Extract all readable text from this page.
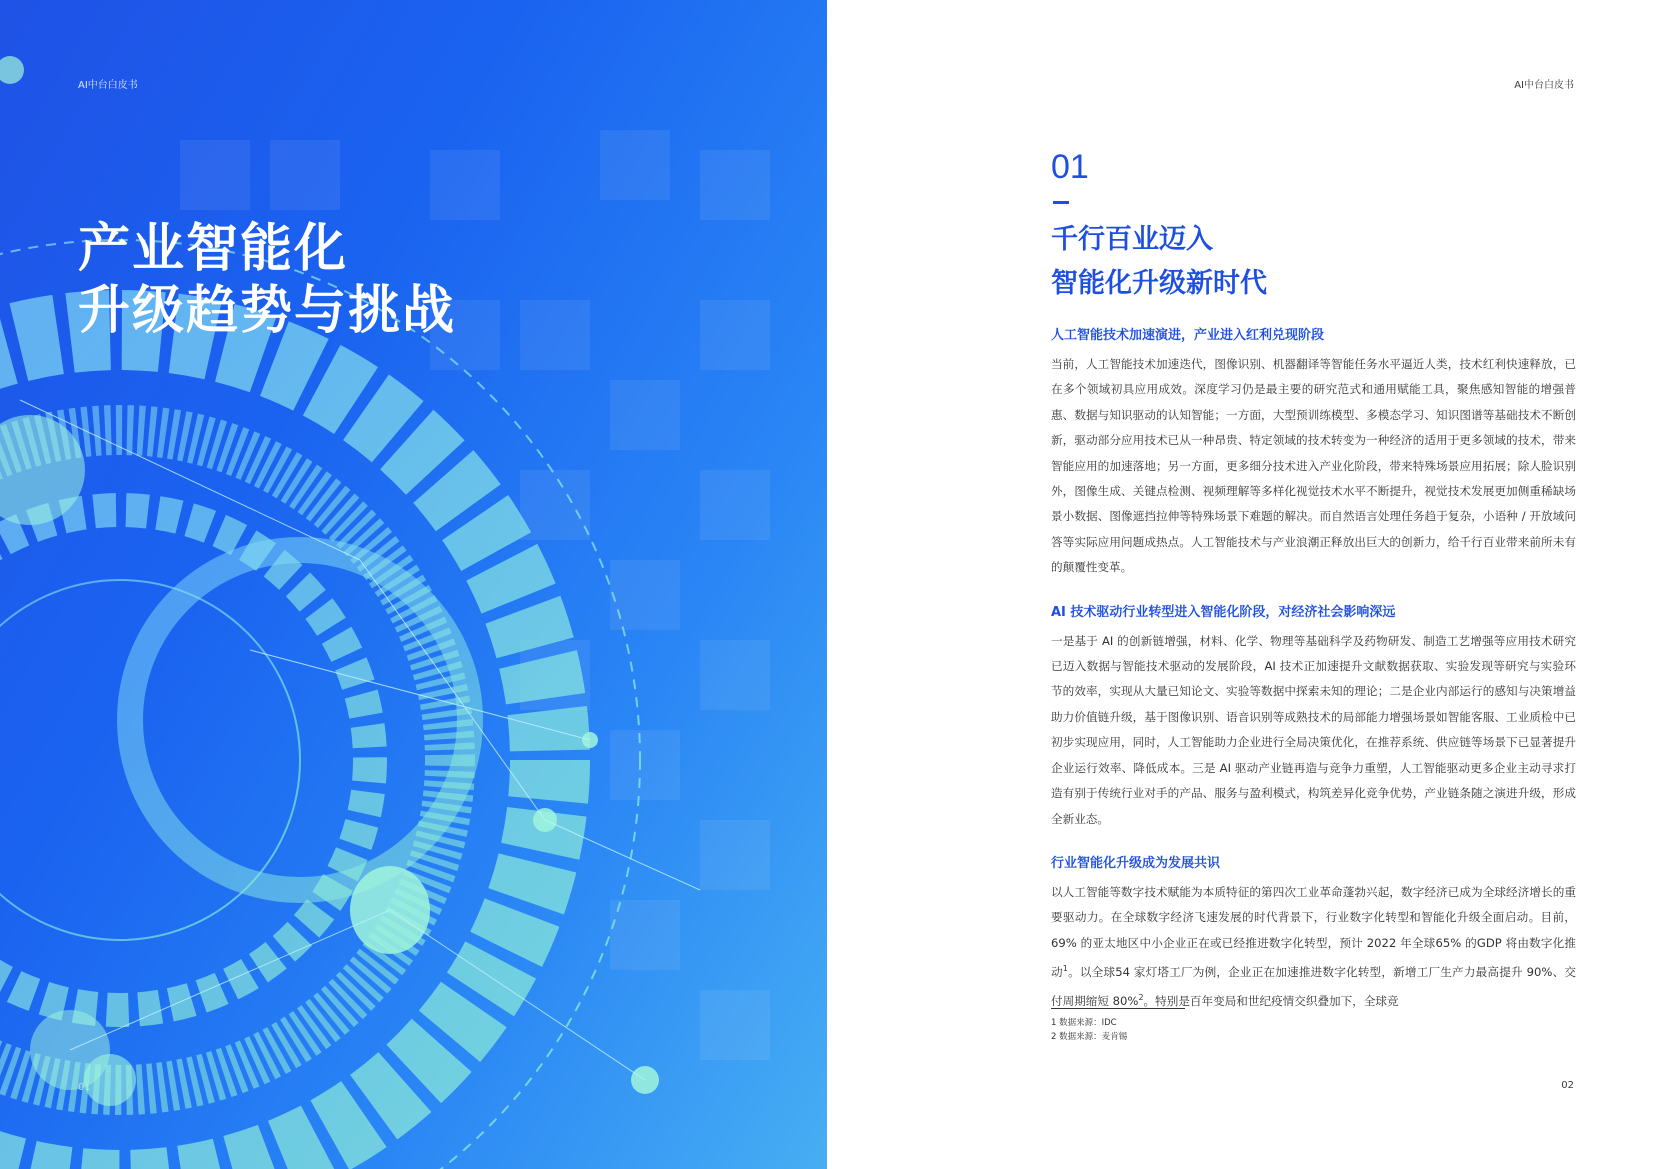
AI中台白皮书
产业智能化
升级趋势与挑战
01
AI中台白皮书
01
千行百业迈入
智能化升级新时代
人工智能技术加速演进，产业进入红利兑现阶段

当前，人工智能技术加速迭代，图像识别、机器翻译等智能任务水平逼近人类，技术红利快速释放，已在多个领域初具应用成效。深度学习仍是最主要的研究范式和通用赋能工具，聚焦感知智能的增强普惠、数据与知识驱动的认知智能；一方面，大型预训练模型、多模态学习、知识图谱等基础技术不断创新，驱动部分应用技术已从一种昂贵、特定领域的技术转变为一种经济的适用于更多领域的技术，带来智能应用的加速落地；另一方面，更多细分技术进入产业化阶段，带来特殊场景应用拓展；除人脸识别外，图像生成、关键点检测、视频理解等多样化视觉技术水平不断提升，视觉技术发展更加侧重稀缺场景小数据、图像遮挡拉伸等特殊场景下难题的解决。而自然语言处理任务趋于复杂，小语种 / 开放域问答等实际应用问题成热点。人工智能技术与产业浪潮正释放出巨大的创新力，给千行百业带来前所未有的颠覆性变革。

AI 技术驱动行业转型进入智能化阶段，对经济社会影响深远

一是基于 AI 的创新链增强，材料、化学、物理等基础科学及药物研发、制造工艺增强等应用技术研究已迈入数据与智能技术驱动的发展阶段，AI 技术正加速提升文献数据获取、实验发现等研究与实验环节的效率，实现从大量已知论文、实验等数据中探索未知的理论；二是企业内部运行的感知与决策增益助力价值链升级，基于图像识别、语音识别等成熟技术的局部能力增强场景如智能客服、工业质检中已初步实现应用，同时，人工智能助力企业进行全局决策优化，在推荐系统、供应链等场景下已显著提升企业运行效率、降低成本。三是 AI 驱动产业链再造与竞争力重塑，人工智能驱动更多企业主动寻求打造有别于传统行业对手的产品、服务与盈利模式，构筑差异化竞争优势，产业链条随之演进升级，形成全新业态。

行业智能化升级成为发展共识

以人工智能等数字技术赋能为本质特征的第四次工业革命蓬勃兴起，数字经济已成为全球经济增长的重要驱动力。在全球数字经济飞速发展的时代背景下，行业数字化转型和智能化升级全面启动。目前，69% 的亚太地区中小企业正在或已经推进数字化转型，预计 2022 年全球65% 的GDP 将由数字化推动$^1$。以全球54 家灯塔工厂为例，企业正在加速推进数字化转型，新增工厂生产力最高提升 90%、交付周期缩短 80%$^2$。特别是百年变局和世纪疫情交织叠加下，全球竞

1 数据来源：IDC
2 数据来源：麦肯锡
02
